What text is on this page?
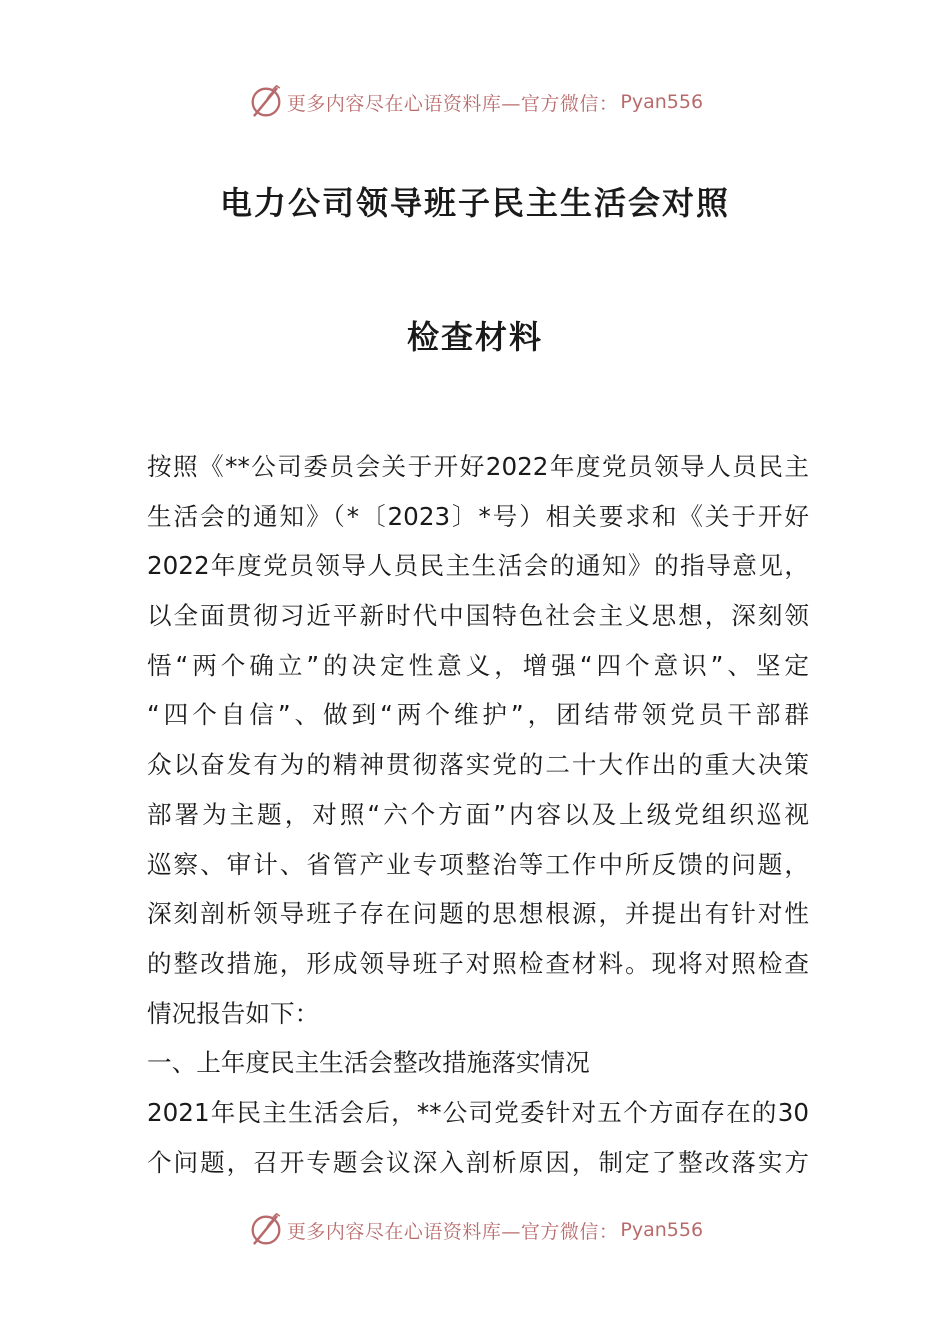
更多内容尽在心语资料库—官方微信： Pyan556
电力公司领导班子民主生活会对照
检查材料
按照《**公司委员会关于开好2022年度党员领导人员民主
生活会的通知》（*〔2023〕*号）相关要求和《关于开好
2022年度党员领导人员民主生活会的通知》的指导意见，
以全面贯彻习近平新时代中国特色社会主义思想，深刻领
悟“两个确立”的决定性意义，增强“四个意识”、坚定
“四个自信”、做到“两个维护”，团结带领党员干部群
众以奋发有为的精神贯彻落实党的二十大作出的重大决策
部署为主题，对照“六个方面”内容以及上级党组织巡视
巡察、审计、省管产业专项整治等工作中所反馈的问题，
深刻剖析领导班子存在问题的思想根源，并提出有针对性
的整改措施，形成领导班子对照检查材料。现将对照检查
情况报告如下：
一、上年度民主生活会整改措施落实情况
2021年民主生活会后，**公司党委针对五个方面存在的30
个问题，召开专题会议深入剖析原因，制定了整改落实方
更多内容尽在心语资料库—官方微信： Pyan556
